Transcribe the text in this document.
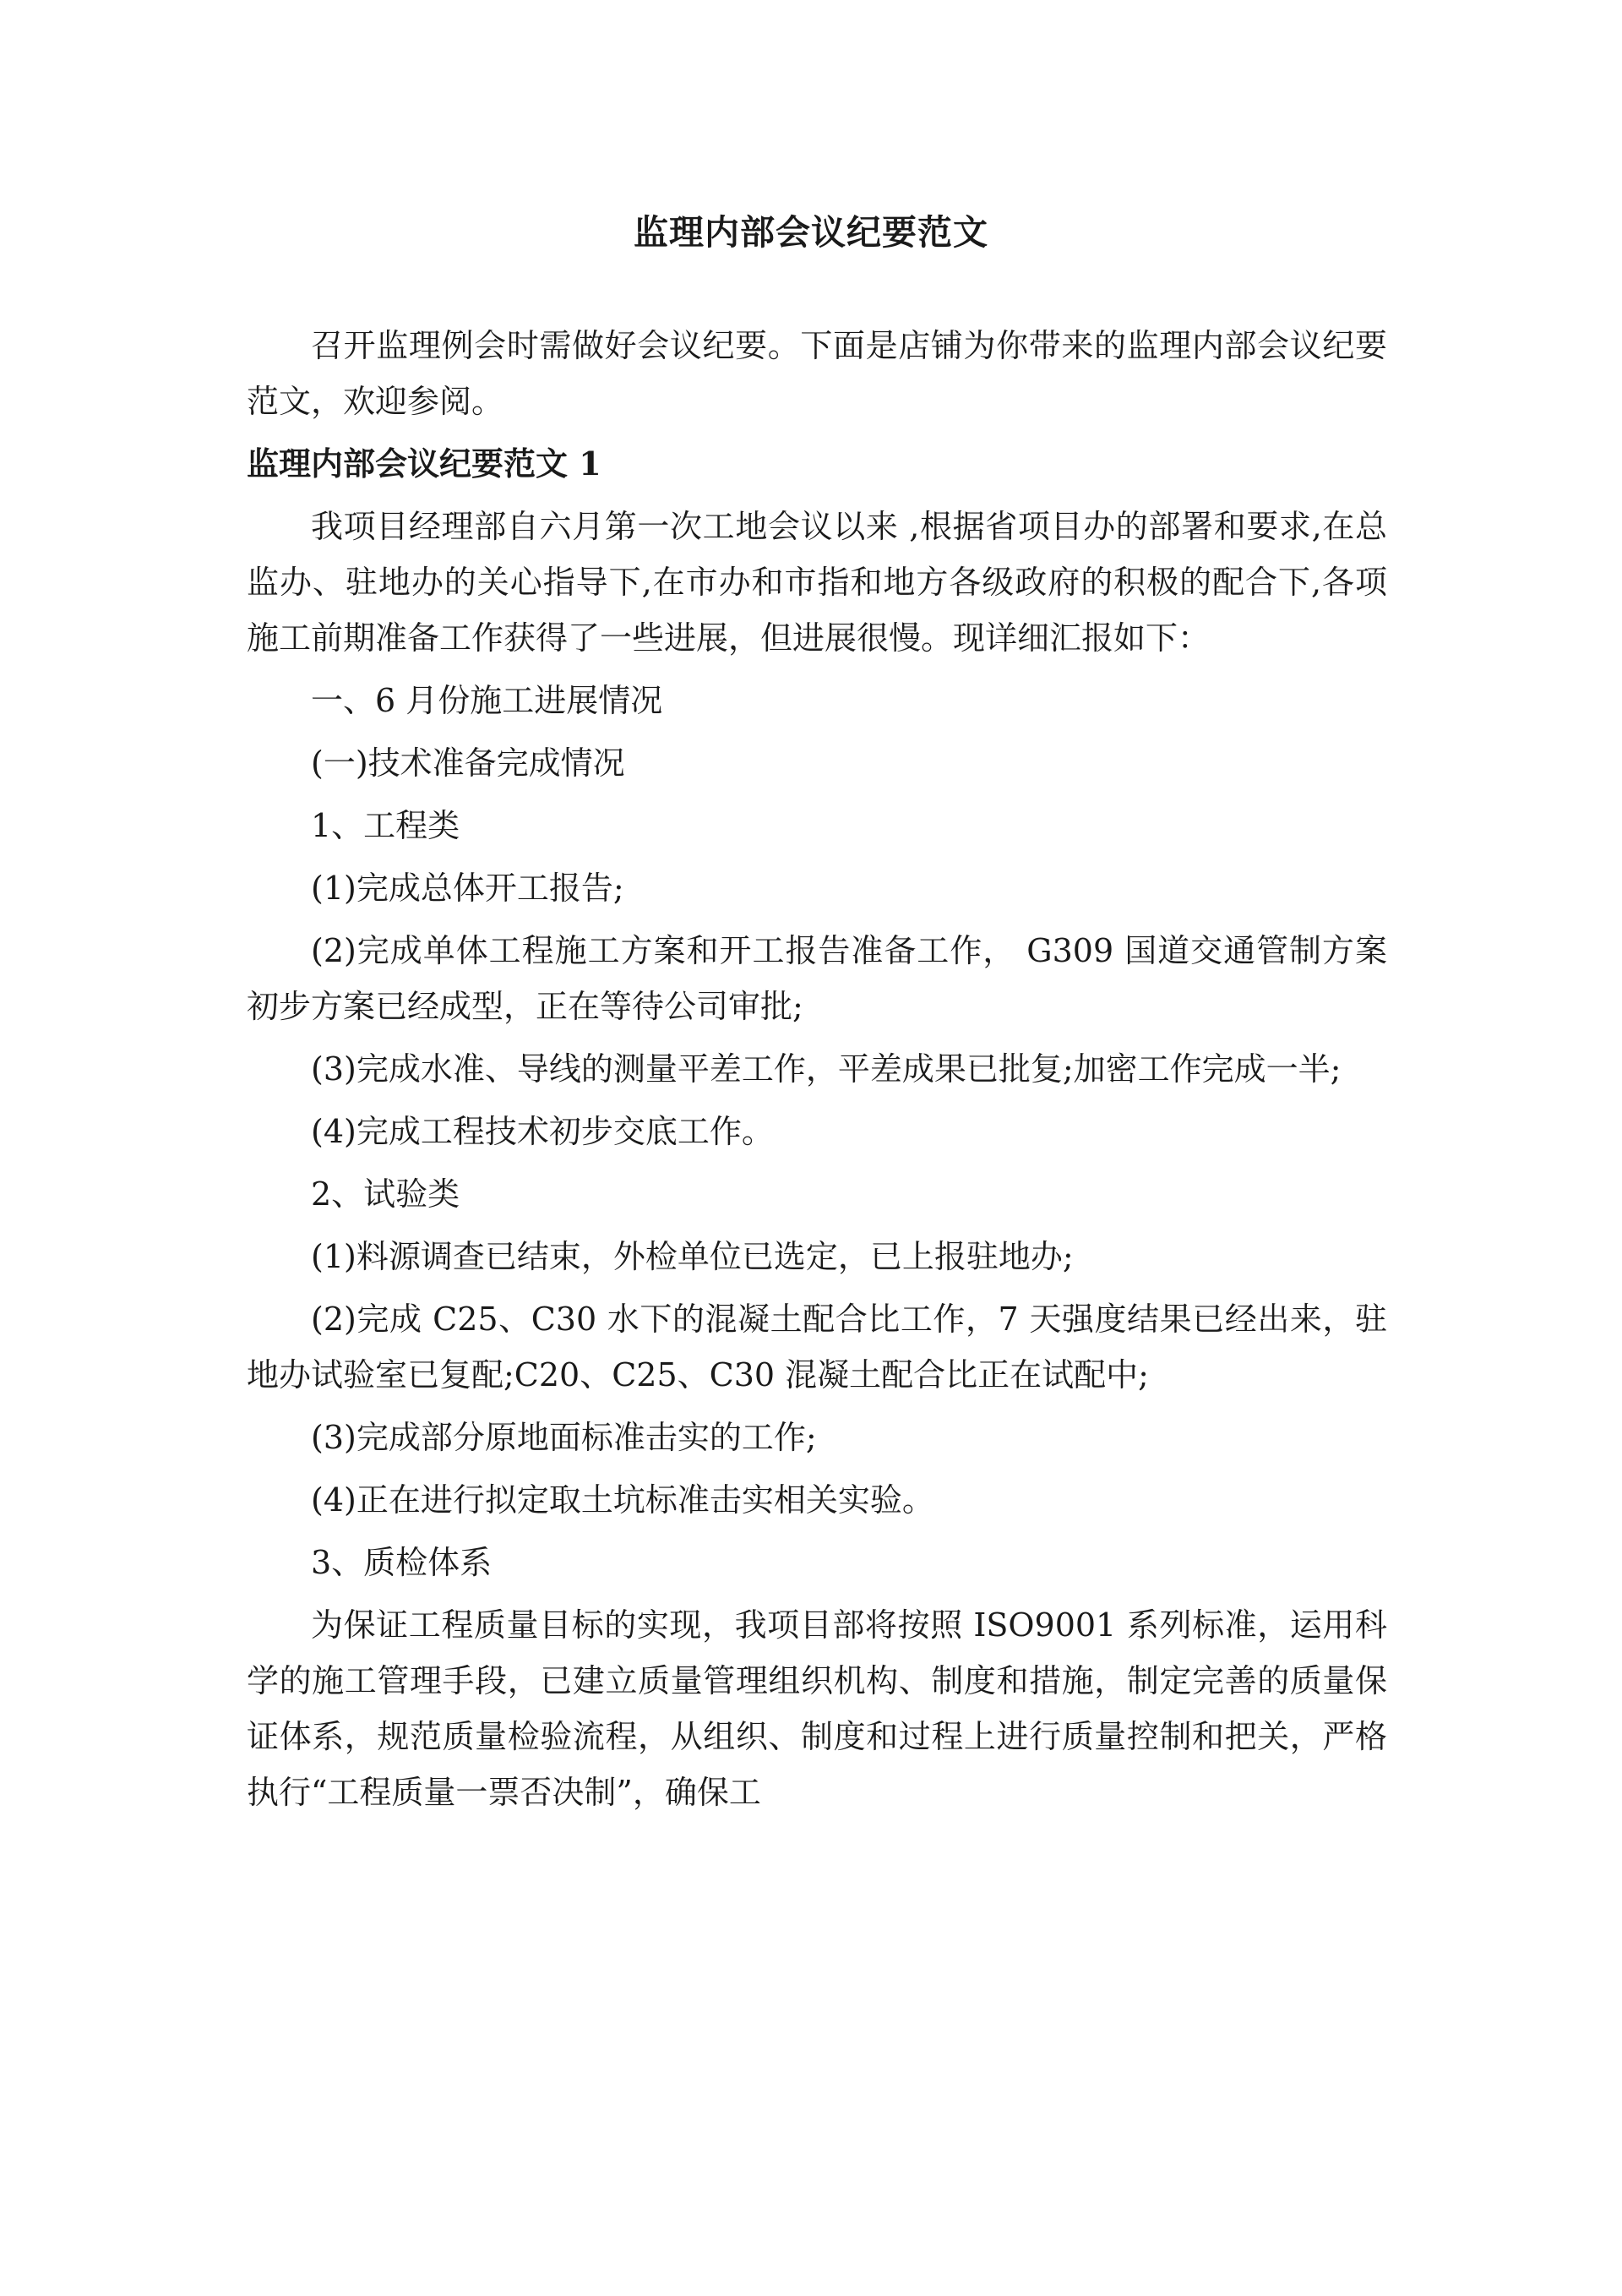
监理内部会议纪要范文

召开监理例会时需做好会议纪要。下面是店铺为你带来的监理内部会议纪要范文，欢迎参阅。

监理内部会议纪要范文 1

我项目经理部自六月第一次工地会议以来 ,根据省项目办的部署和要求,在总监办、驻地办的关心指导下,在市办和市指和地方各级政府的积极的配合下,各项施工前期准备工作获得了一些进展，但进展很慢。现详细汇报如下：

一、6 月份施工进展情况

(一)技术准备完成情况

1、工程类

(1)完成总体开工报告;

(2)完成单体工程施工方案和开工报告准备工作， G309 国道交通管制方案初步方案已经成型，正在等待公司审批;

(3)完成水准、导线的测量平差工作，平差成果已批复;加密工作完成一半;

(4)完成工程技术初步交底工作。

2、试验类

(1)料源调查已结束，外检单位已选定，已上报驻地办;

(2)完成 C25、C30 水下的混凝土配合比工作，7 天强度结果已经出来，驻地办试验室已复配;C20、C25、C30 混凝土配合比正在试配中;

(3)完成部分原地面标准击实的工作;

(4)正在进行拟定取土坑标准击实相关实验。

3、质检体系

为保证工程质量目标的实现，我项目部将按照 ISO9001 系列标准，运用科学的施工管理手段，已建立质量管理组织机构、制度和措施，制定完善的质量保证体系，规范质量检验流程，从组织、制度和过程上进行质量控制和把关，严格执行“工程质量一票否决制”，确保工
